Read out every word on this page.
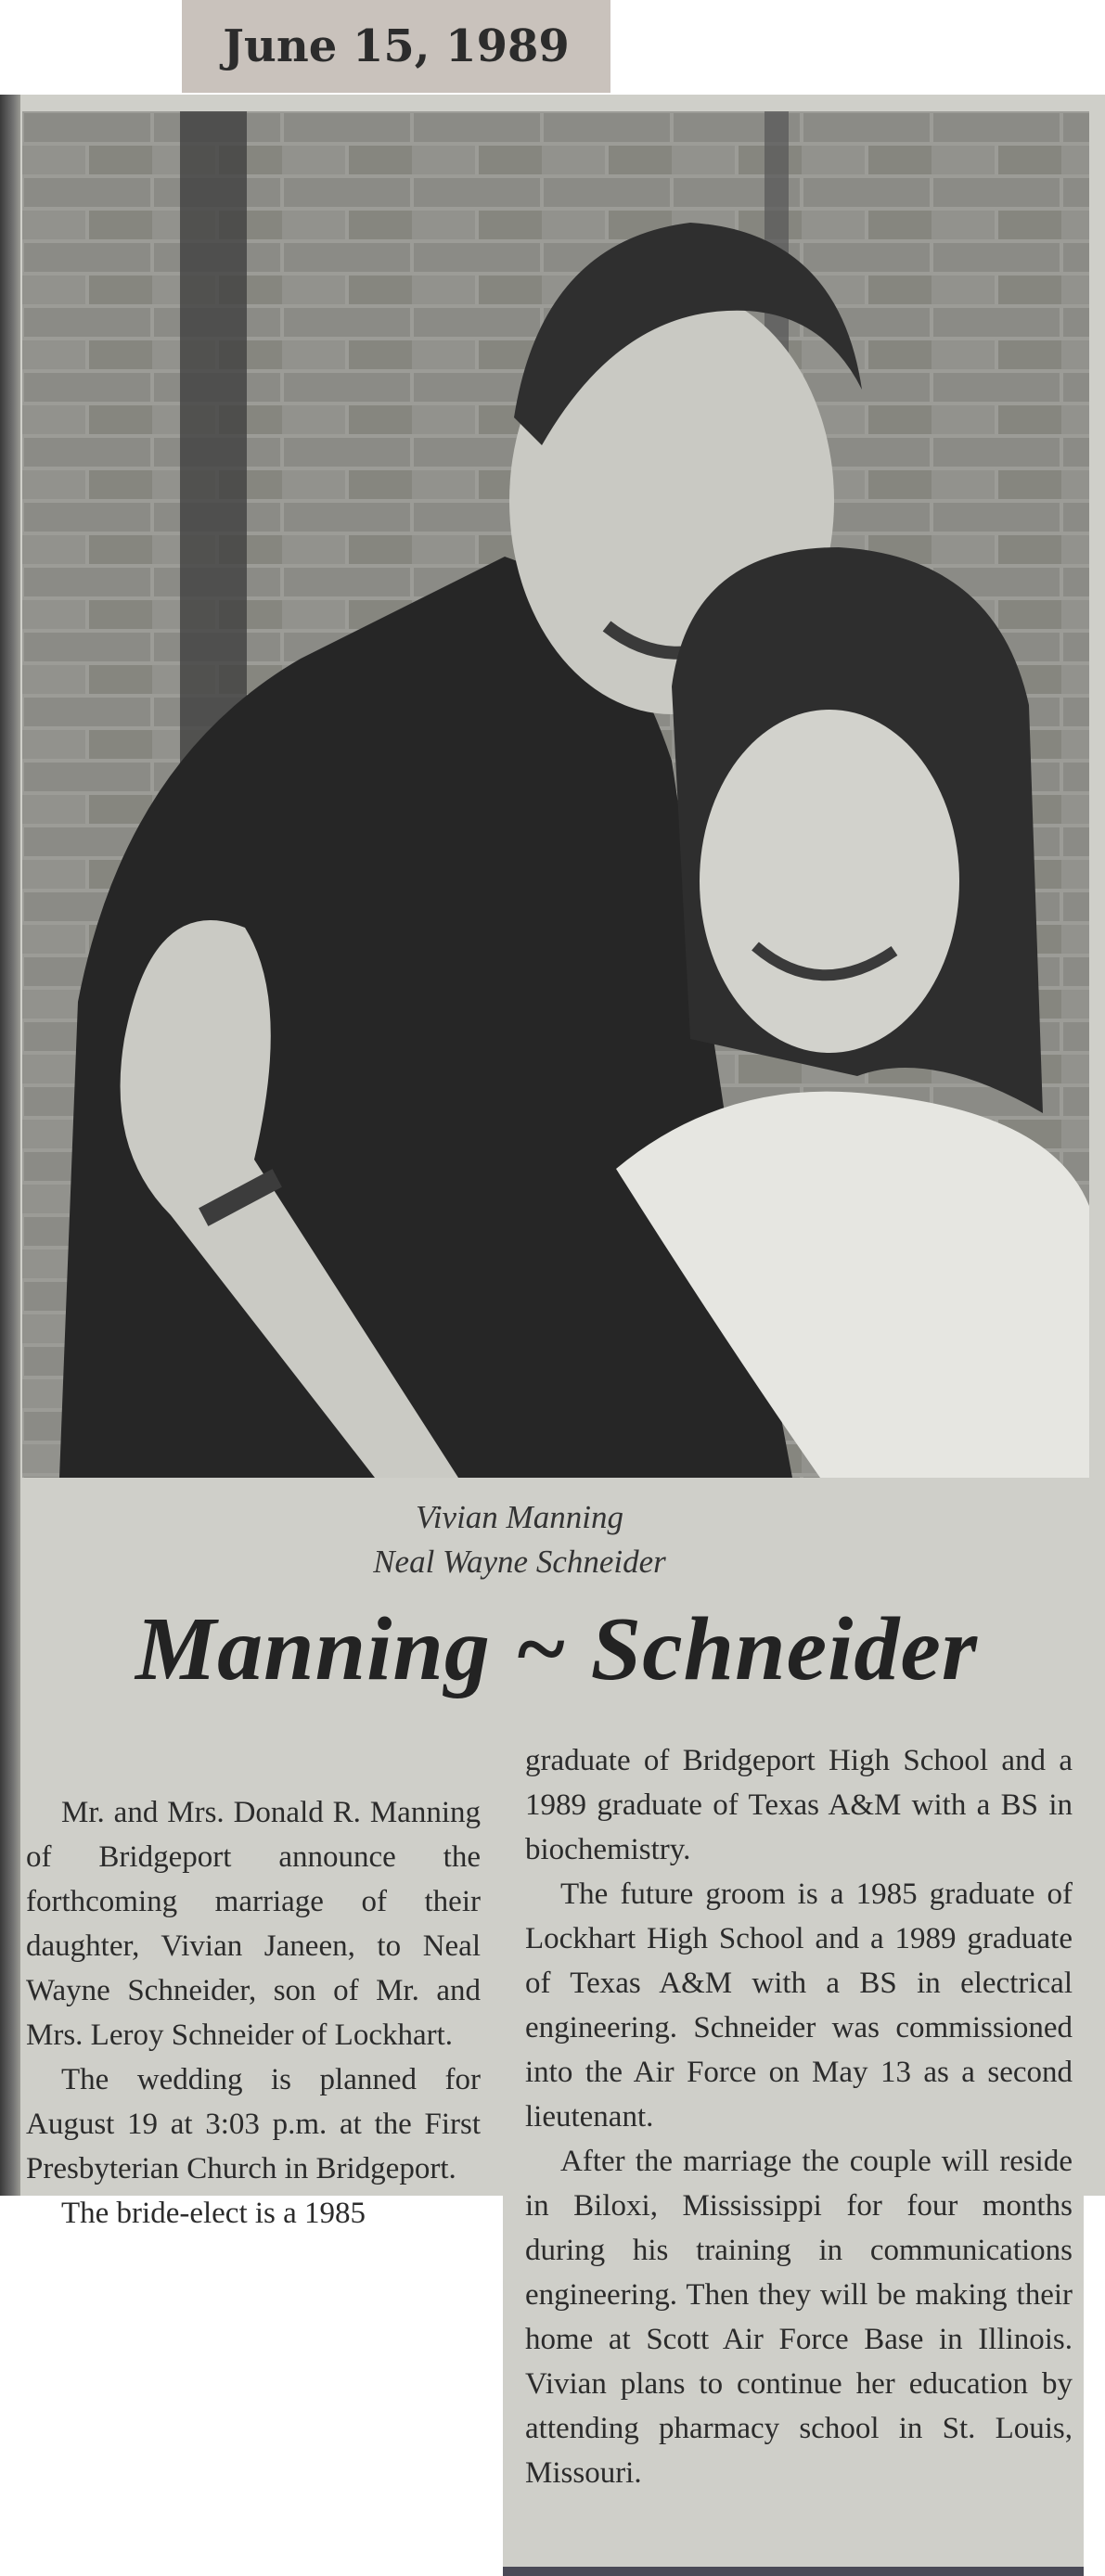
June 15, 1989
Vivian Manning
Neal Wayne Schneider
Manning ~ Schneider

Mr. and Mrs. Donald R. Manning of Bridgeport announce the forthcoming marriage of their daughter, Vivian Janeen, to Neal Wayne Schneider, son of Mr. and Mrs. Leroy Schneider of Lockhart.

The wedding is planned for August 19 at 3:03 p.m. at the First Presbyterian Church in Bridgeport.

The bride-elect is a 1985

graduate of Bridgeport High School and a 1989 graduate of Texas A&M with a BS in biochemistry.

The future groom is a 1985 graduate of Lockhart High School and a 1989 graduate of Texas A&M with a BS in electrical engineering. Schneider was commissioned into the Air Force on May 13 as a second lieutenant.

After the marriage the couple will reside in Biloxi, Mississippi for four months during his training in communications engineering. Then they will be making their home at Scott Air Force Base in Illinois. Vivian plans to continue her education by attending pharmacy school in St. Louis, Missouri.
